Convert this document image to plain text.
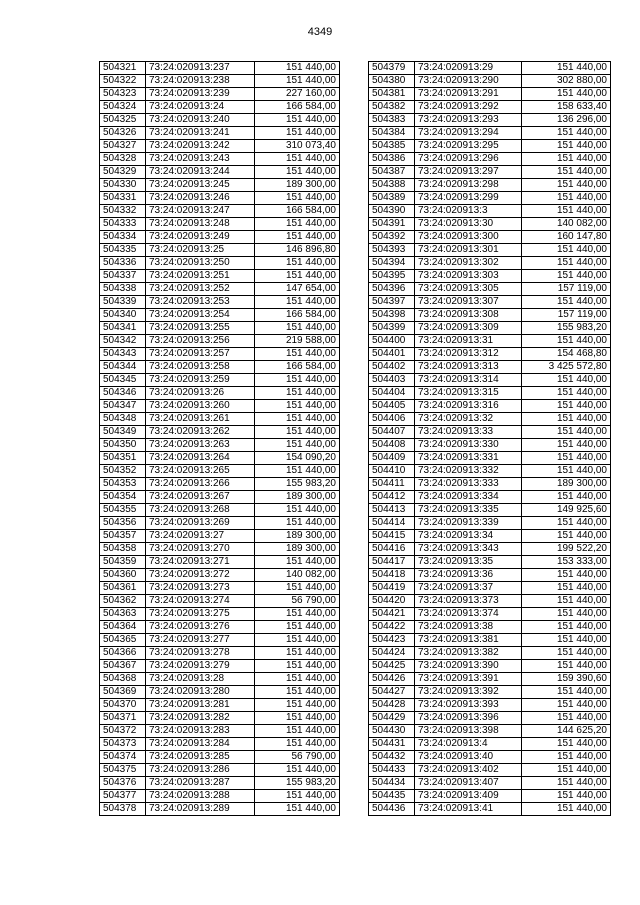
4349
504321	73:24:020913:237	151 440,00
504322	73:24:020913:238	151 440,00
504323	73:24:020913:239	227 160,00
504324	73:24:020913:24	166 584,00
504325	73:24:020913:240	151 440,00
504326	73:24:020913:241	151 440,00
504327	73:24:020913:242	310 073,40
504328	73:24:020913:243	151 440,00
504329	73:24:020913:244	151 440,00
504330	73:24:020913:245	189 300,00
504331	73:24:020913:246	151 440,00
504332	73:24:020913:247	166 584,00
504333	73:24:020913:248	151 440,00
504334	73:24:020913:249	151 440,00
504335	73:24:020913:25	146 896,80
504336	73:24:020913:250	151 440,00
504337	73:24:020913:251	151 440,00
504338	73:24:020913:252	147 654,00
504339	73:24:020913:253	151 440,00
504340	73:24:020913:254	166 584,00
504341	73:24:020913:255	151 440,00
504342	73:24:020913:256	219 588,00
504343	73:24:020913:257	151 440,00
504344	73:24:020913:258	166 584,00
504345	73:24:020913:259	151 440,00
504346	73:24:020913:26	151 440,00
504347	73:24:020913:260	151 440,00
504348	73:24:020913:261	151 440,00
504349	73:24:020913:262	151 440,00
504350	73:24:020913:263	151 440,00
504351	73:24:020913:264	154 090,20
504352	73:24:020913:265	151 440,00
504353	73:24:020913:266	155 983,20
504354	73:24:020913:267	189 300,00
504355	73:24:020913:268	151 440,00
504356	73:24:020913:269	151 440,00
504357	73:24:020913:27	189 300,00
504358	73:24:020913:270	189 300,00
504359	73:24:020913:271	151 440,00
504360	73:24:020913:272	140 082,00
504361	73:24:020913:273	151 440,00
504362	73:24:020913:274	56 790,00
504363	73:24:020913:275	151 440,00
504364	73:24:020913:276	151 440,00
504365	73:24:020913:277	151 440,00
504366	73:24:020913:278	151 440,00
504367	73:24:020913:279	151 440,00
504368	73:24:020913:28	151 440,00
504369	73:24:020913:280	151 440,00
504370	73:24:020913:281	151 440,00
504371	73:24:020913:282	151 440,00
504372	73:24:020913:283	151 440,00
504373	73:24:020913:284	151 440,00
504374	73:24:020913:285	56 790,00
504375	73:24:020913:286	151 440,00
504376	73:24:020913:287	155 983,20
504377	73:24:020913:288	151 440,00
504378	73:24:020913:289	151 440,00
504379	73:24:020913:29	151 440,00
504380	73:24:020913:290	302 880,00
504381	73:24:020913:291	151 440,00
504382	73:24:020913:292	158 633,40
504383	73:24:020913:293	136 296,00
504384	73:24:020913:294	151 440,00
504385	73:24:020913:295	151 440,00
504386	73:24:020913:296	151 440,00
504387	73:24:020913:297	151 440,00
504388	73:24:020913:298	151 440,00
504389	73:24:020913:299	151 440,00
504390	73:24:020913:3	151 440,00
504391	73:24:020913:30	140 082,00
504392	73:24:020913:300	160 147,80
504393	73:24:020913:301	151 440,00
504394	73:24:020913:302	151 440,00
504395	73:24:020913:303	151 440,00
504396	73:24:020913:305	157 119,00
504397	73:24:020913:307	151 440,00
504398	73:24:020913:308	157 119,00
504399	73:24:020913:309	155 983,20
504400	73:24:020913:31	151 440,00
504401	73:24:020913:312	154 468,80
504402	73:24:020913:313	3 425 572,80
504403	73:24:020913:314	151 440,00
504404	73:24:020913:315	151 440,00
504405	73:24:020913:316	151 440,00
504406	73:24:020913:32	151 440,00
504407	73:24:020913:33	151 440,00
504408	73:24:020913:330	151 440,00
504409	73:24:020913:331	151 440,00
504410	73:24:020913:332	151 440,00
504411	73:24:020913:333	189 300,00
504412	73:24:020913:334	151 440,00
504413	73:24:020913:335	149 925,60
504414	73:24:020913:339	151 440,00
504415	73:24:020913:34	151 440,00
504416	73:24:020913:343	199 522,20
504417	73:24:020913:35	153 333,00
504418	73:24:020913:36	151 440,00
504419	73:24:020913:37	151 440,00
504420	73:24:020913:373	151 440,00
504421	73:24:020913:374	151 440,00
504422	73:24:020913:38	151 440,00
504423	73:24:020913:381	151 440,00
504424	73:24:020913:382	151 440,00
504425	73:24:020913:390	151 440,00
504426	73:24:020913:391	159 390,60
504427	73:24:020913:392	151 440,00
504428	73:24:020913:393	151 440,00
504429	73:24:020913:396	151 440,00
504430	73:24:020913:398	144 625,20
504431	73:24:020913:4	151 440,00
504432	73:24:020913:40	151 440,00
504433	73:24:020913:402	151 440,00
504434	73:24:020913:407	151 440,00
504435	73:24:020913:409	151 440,00
504436	73:24:020913:41	151 440,00
